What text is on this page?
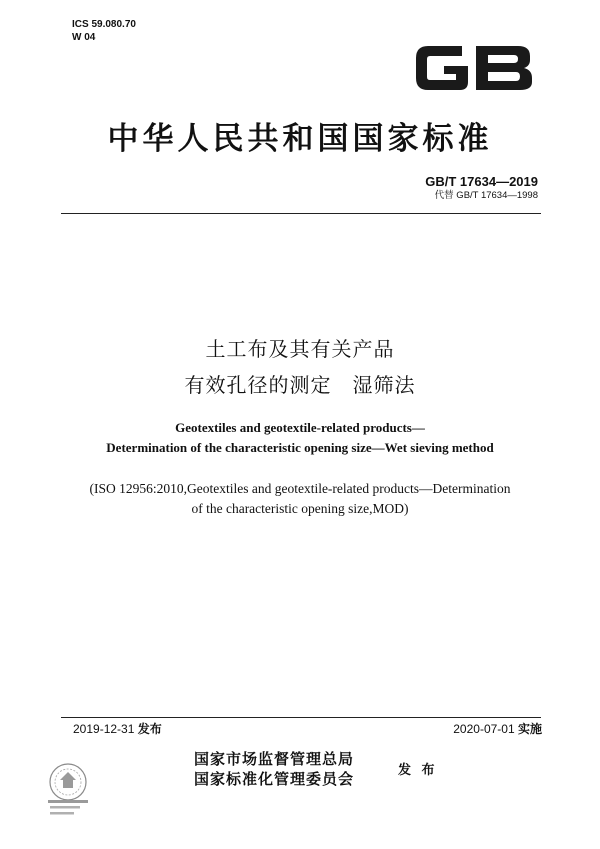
ICS 59.080.70
W 04
中华人民共和国国家标准
GB/T 17634—2019
代替 GB/T 17634—1998
土工布及其有关产品
有效孔径的测定　湿筛法
Geotextiles and geotextile-related products—
Determination of the characteristic opening size—Wet sieving method
(ISO 12956:2010,Geotextiles and geotextile-related products—Determination
of the characteristic opening size,MOD)
2019-12-31 发布	2020-07-01 实施
国家市场监督管理总局
国家标准化管理委员会	发 布
